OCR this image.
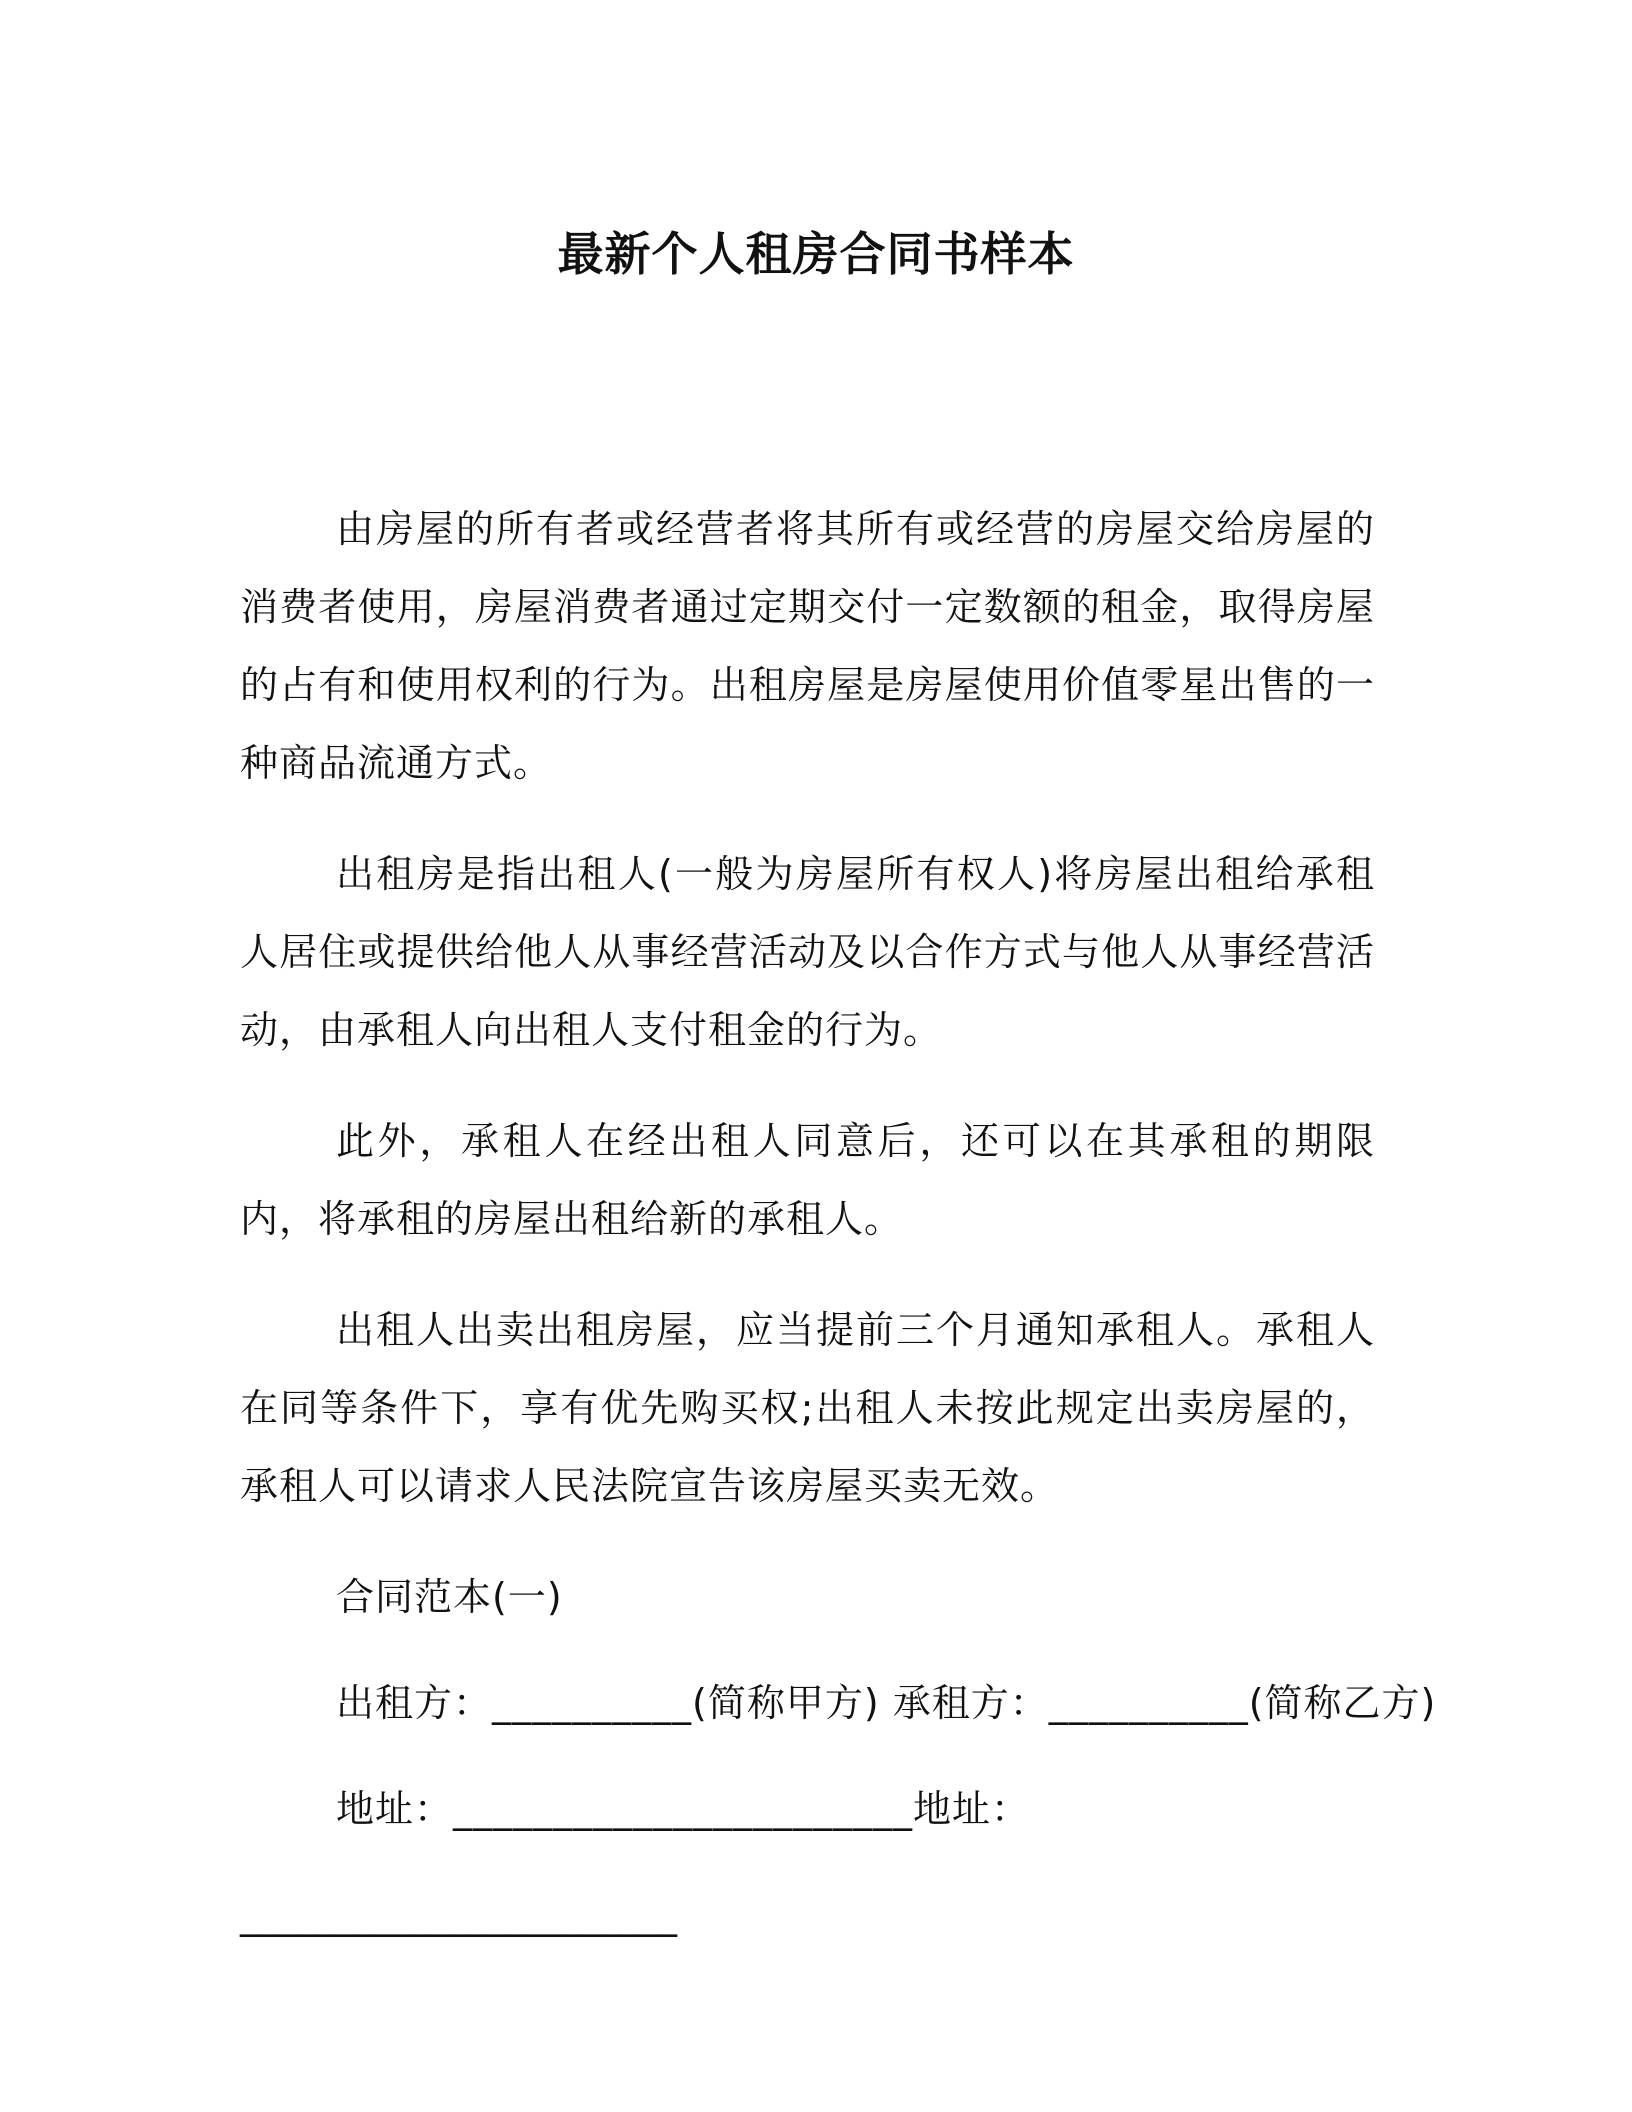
最新个人租房合同书样本

由房屋的所有者或经营者将其所有或经营的房屋交给房屋的消费者使用，房屋消费者通过定期交付一定数额的租金，取得房屋的占有和使用权利的行为。出租房屋是房屋使用价值零星出售的一种商品流通方式。

出租房是指出租人(一般为房屋所有权人)将房屋出租给承租人居住或提供给他人从事经营活动及以合作方式与他人从事经营活动，由承租人向出租人支付租金的行为。

此外，承租人在经出租人同意后，还可以在其承租的期限内，将承租的房屋出租给新的承租人。

出租人出卖出租房屋，应当提前三个月通知承租人。承租人在同等条件下，享有优先购买权;出租人未按此规定出卖房屋的，承租人可以请求人民法院宣告该房屋买卖无效。

合同范本(一)

出租方：__________(简称甲方) 承租方：__________(简称乙方)

地址：_______________________地址：

_______________________
